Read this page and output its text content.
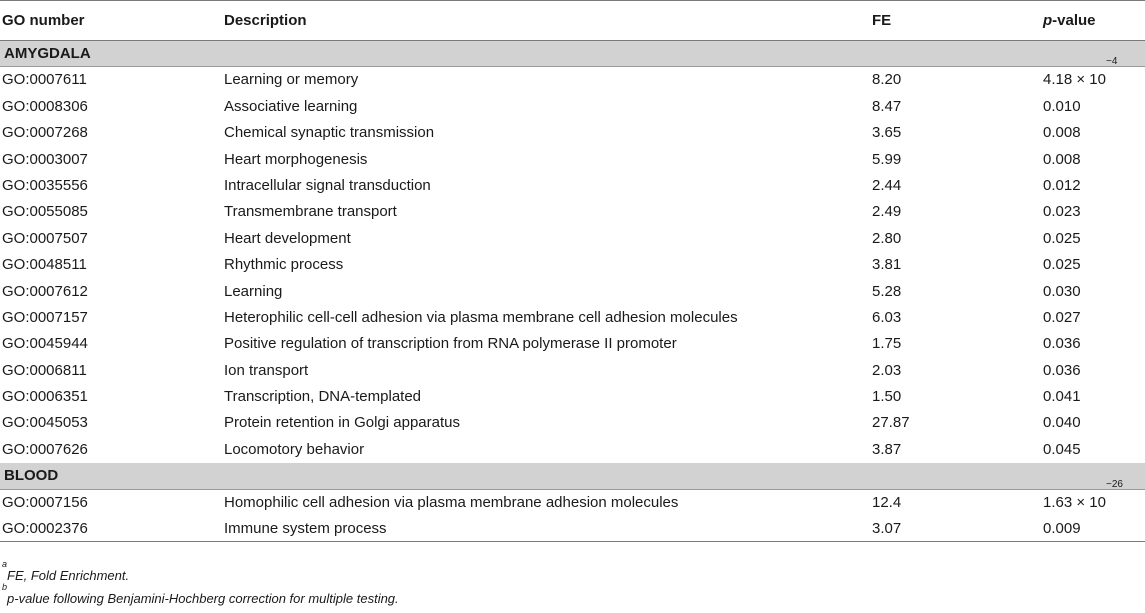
GO number	Description	FE	p-value
AMYGDALA
GO:0007611	Learning or memory	8.20	$4.18 \times 10^{-4}$
GO:0008306	Associative learning	8.47	0.010
GO:0007268	Chemical synaptic transmission	3.65	0.008
GO:0003007	Heart morphogenesis	5.99	0.008
GO:0035556	Intracellular signal transduction	2.44	0.012
GO:0055085	Transmembrane transport	2.49	0.023
GO:0007507	Heart development	2.80	0.025
GO:0048511	Rhythmic process	3.81	0.025
GO:0007612	Learning	5.28	0.030
GO:0007157	Heterophilic cell-cell adhesion via plasma membrane cell adhesion molecules	6.03	0.027
GO:0045944	Positive regulation of transcription from RNA polymerase II promoter	1.75	0.036
GO:0006811	Ion transport	2.03	0.036
GO:0006351	Transcription, DNA-templated	1.50	0.041
GO:0045053	Protein retention in Golgi apparatus	27.87	0.040
GO:0007626	Locomotory behavior	3.87	0.045
BLOOD
GO:0007156	Homophilic cell adhesion via plasma membrane adhesion molecules	12.4	$1.63 \times 10^{-26}$
GO:0002376	Immune system process	3.07	0.009
$^a$FE, Fold Enrichment.
$^b$p-value following Benjamini-Hochberg correction for multiple testing.
